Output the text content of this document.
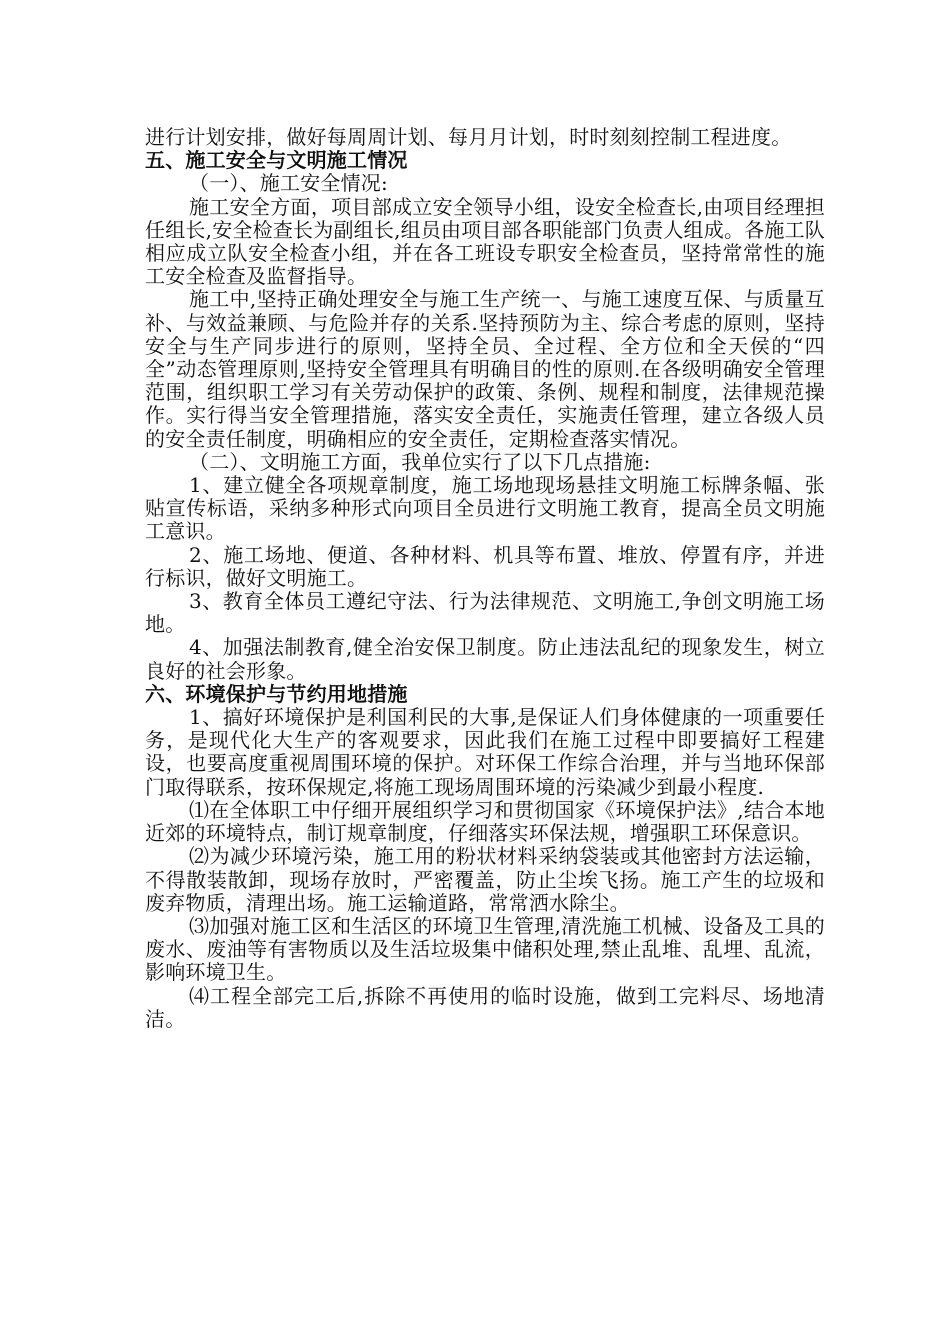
进行计划安排，做好每周周计划、每月月计划，时时刻刻控制工程进度。

五、施工安全与文明施工情况

（一）、施工安全情况:

施工安全方面，项目部成立安全领导小组，设安全检查长,由项目经理担任组长,安全检查长为副组长,组员由项目部各职能部门负责人组成。各施工队相应成立队安全检查小组，并在各工班设专职安全检查员，坚持常常性的施工安全检查及监督指导。

施工中,坚持正确处理安全与施工生产统一、与施工速度互保、与质量互补、与效益兼顾、与危险并存的关系.坚持预防为主、综合考虑的原则，坚持安全与生产同步进行的原则，坚持全员、全过程、全方位和全天侯的“四全”动态管理原则,坚持安全管理具有明确目的性的原则.在各级明确安全管理范围，组织职工学习有关劳动保护的政策、条例、规程和制度，法律规范操作。实行得当安全管理措施，落实安全责任，实施责任管理，建立各级人员的安全责任制度，明确相应的安全责任，定期检查落实情况。

（二）、文明施工方面，我单位实行了以下几点措施:

1、建立健全各项规章制度，施工场地现场悬挂文明施工标牌条幅、张贴宣传标语，采纳多种形式向项目全员进行文明施工教育，提高全员文明施工意识。

2、施工场地、便道、各种材料、机具等布置、堆放、停置有序，并进行标识，做好文明施工。

3、教育全体员工遵纪守法、行为法律规范、文明施工,争创文明施工场地。

4、加强法制教育,健全治安保卫制度。防止违法乱纪的现象发生，树立良好的社会形象。

六、环境保护与节约用地措施

1、搞好环境保护是利国利民的大事,是保证人们身体健康的一项重要任务，是现代化大生产的客观要求，因此我们在施工过程中即要搞好工程建设，也要高度重视周围环境的保护。对环保工作综合治理，并与当地环保部门取得联系，按环保规定,将施工现场周围环境的污染减少到最小程度.

⑴在全体职工中仔细开展组织学习和贯彻国家《环境保护法》,结合本地近郊的环境特点，制订规章制度，仔细落实环保法规，增强职工环保意识。

⑵为减少环境污染，施工用的粉状材料采纳袋装或其他密封方法运输，不得散装散卸，现场存放时，严密覆盖，防止尘埃飞扬。施工产生的垃圾和废弃物质，清理出场。施工运输道路，常常洒水除尘。

⑶加强对施工区和生活区的环境卫生管理,清洗施工机械、设备及工具的废水、废油等有害物质以及生活垃圾集中储积处理,禁止乱堆、乱埋、乱流，影响环境卫生。

⑷工程全部完工后,拆除不再使用的临时设施，做到工完料尽、场地清洁。
